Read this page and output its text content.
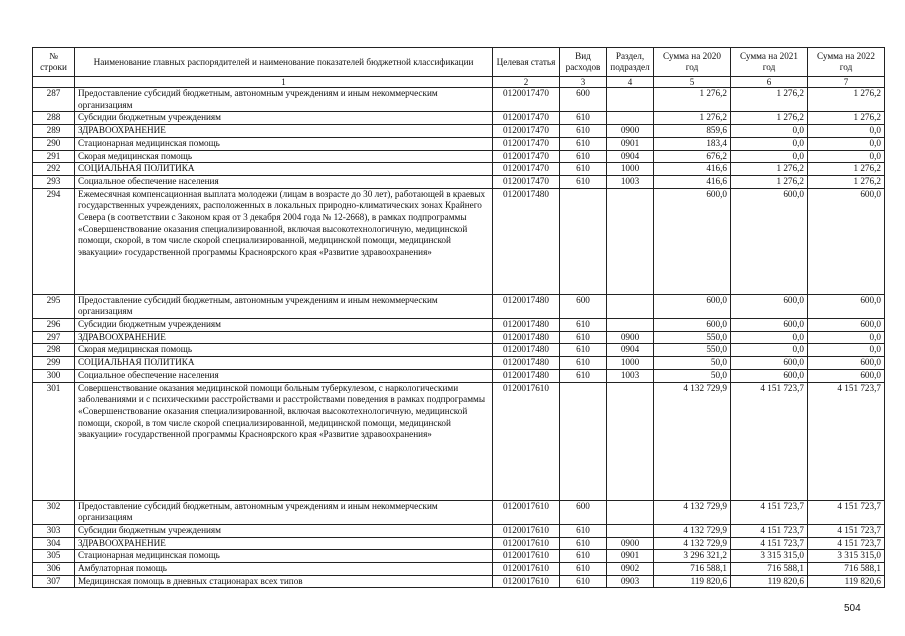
№ строки	Наименование главных распорядителей и наименование показателей бюджетной классификации	Целевая статья	Вид расходов	Раздел, подраздел	Сумма на 2020 год	Сумма на 2021 год	Сумма на 2022 год
	1	2	3	4	5	6	7
287	Предоставление субсидий бюджетным, автономным учреждениям и иным некоммерческим организациям	0120017470	600		1 276,2	1 276,2	1 276,2
288	Субсидии бюджетным учреждениям	0120017470	610		1 276,2	1 276,2	1 276,2
289	ЗДРАВООХРАНЕНИЕ	0120017470	610	0900	859,6	0,0	0,0
290	Стационарная медицинская помощь	0120017470	610	0901	183,4	0,0	0,0
291	Скорая медицинская помощь	0120017470	610	0904	676,2	0,0	0,0
292	СОЦИАЛЬНАЯ ПОЛИТИКА	0120017470	610	1000	416,6	1 276,2	1 276,2
293	Социальное обеспечение населения	0120017470	610	1003	416,6	1 276,2	1 276,2
294	Ежемесячная компенсационная выплата молодежи (лицам в возрасте до 30 лет), работающей в краевых государственных учреждениях, расположенных в локальных природно-климатических зонах Крайнего Севера (в соответствии с Законом края от 3 декабря 2004 года № 12-2668), в рамках подпрограммы «Совершенствование оказания специализированной, включая высокотехнологичную, медицинской помощи, скорой, в том числе скорой специализированной, медицинской помощи, медицинской эвакуации» государственной программы Красноярского края «Развитие здравоохранения»	0120017480			600,0	600,0	600,0
295	Предоставление субсидий бюджетным, автономным учреждениям и иным некоммерческим организациям	0120017480	600		600,0	600,0	600,0
296	Субсидии бюджетным учреждениям	0120017480	610		600,0	600,0	600,0
297	ЗДРАВООХРАНЕНИЕ	0120017480	610	0900	550,0	0,0	0,0
298	Скорая медицинская помощь	0120017480	610	0904	550,0	0,0	0,0
299	СОЦИАЛЬНАЯ ПОЛИТИКА	0120017480	610	1000	50,0	600,0	600,0
300	Социальное обеспечение населения	0120017480	610	1003	50,0	600,0	600,0
301	Совершенствование оказания медицинской помощи больным туберкулезом, с наркологическими заболеваниями и с психическими расстройствами и расстройствами поведения в рамках подпрограммы «Совершенствование оказания специализированной, включая высокотехнологичную, медицинской помощи, скорой, в том числе скорой специализированной, медицинской помощи, медицинской эвакуации» государственной программы Красноярского края «Развитие здравоохранения»	0120017610			4 132 729,9	4 151 723,7	4 151 723,7
302	Предоставление субсидий бюджетным, автономным учреждениям и иным некоммерческим организациям	0120017610	600		4 132 729,9	4 151 723,7	4 151 723,7
303	Субсидии бюджетным учреждениям	0120017610	610		4 132 729,9	4 151 723,7	4 151 723,7
304	ЗДРАВООХРАНЕНИЕ	0120017610	610	0900	4 132 729,9	4 151 723,7	4 151 723,7
305	Стационарная медицинская помощь	0120017610	610	0901	3 296 321,2	3 315 315,0	3 315 315,0
306	Амбулаторная помощь	0120017610	610	0902	716 588,1	716 588,1	716 588,1
307	Медицинская помощь в дневных стационарах всех типов	0120017610	610	0903	119 820,6	119 820,6	119 820,6
504
